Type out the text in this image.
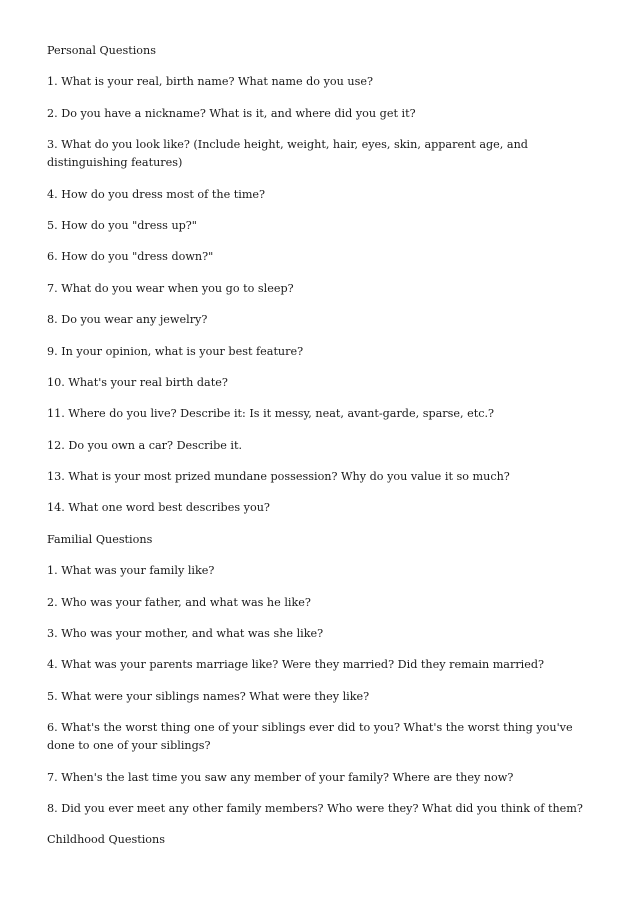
Personal Questions
1. What is your real, birth name? What name do you use?
2. Do you have a nickname? What is it, and where did you get it?
3. What do you look like? (Include height, weight, hair, eyes, skin, apparent age, and distinguishing features)
4. How do you dress most of the time?
5. How do you "dress up?"
6. How do you "dress down?"
7. What do you wear when you go to sleep?
8. Do you wear any jewelry?
9. In your opinion, what is your best feature?
10. What's your real birth date?
11. Where do you live? Describe it: Is it messy, neat, avant-garde, sparse, etc.?
12. Do you own a car? Describe it.
13. What is your most prized mundane possession? Why do you value it so much?
14. What one word best describes you?
Familial Questions
1. What was your family like?
2. Who was your father, and what was he like?
3. Who was your mother, and what was she like?
4. What was your parents marriage like? Were they married? Did they remain married?
5. What were your siblings names? What were they like?
6. What's the worst thing one of your siblings ever did to you? What's the worst thing you've done to one of your siblings?
7. When's the last time you saw any member of your family? Where are they now?
8. Did you ever meet any other family members? Who were they? What did you think of them?
Childhood Questions
